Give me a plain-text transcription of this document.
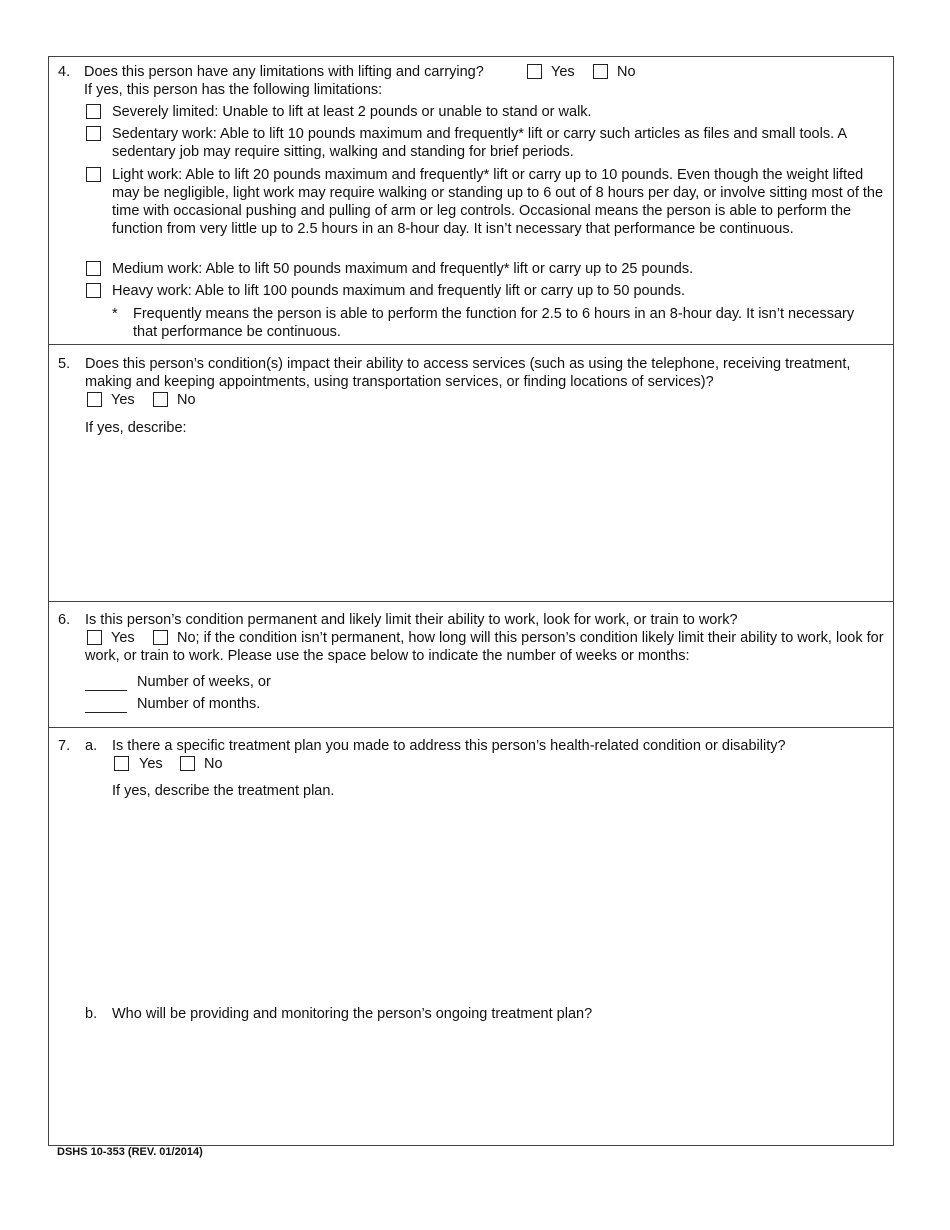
4. Does this person have any limitations with lifting and carrying?	Yes	No
If yes, this person has the following limitations:
Severely limited: Unable to lift at least 2 pounds or unable to stand or walk.
Sedentary work: Able to lift 10 pounds maximum and frequently* lift or carry such articles as files and small tools. A sedentary job may require sitting, walking and standing for brief periods.
Light work: Able to lift 20 pounds maximum and frequently* lift or carry up to 10 pounds. Even though the weight lifted may be negligible, light work may require walking or standing up to 6 out of 8 hours per day, or involve sitting most of the time with occasional pushing and pulling of arm or leg controls. Occasional means the person is able to perform the function from very little up to 2.5 hours in an 8-hour day. It isn’t necessary that performance be continuous.
Medium work: Able to lift 50 pounds maximum and frequently* lift or carry up to 25 pounds.
Heavy work: Able to lift 100 pounds maximum and frequently lift or carry up to 50 pounds.
* Frequently means the person is able to perform the function for 2.5 to 6 hours in an 8-hour day. It isn’t necessary that performance be continuous.
5. Does this person’s condition(s) impact their ability to access services (such as using the telephone, receiving treatment, making and keeping appointments, using transportation services, or finding locations of services)?
Yes	No
If yes, describe:
6. Is this person’s condition permanent and likely limit their ability to work, look for work, or train to work?
Yes	No; if the condition isn’t permanent, how long will this person’s condition likely limit their ability to work, look for work, or train to work. Please use the space below to indicate the number of weeks or months:
Number of weeks, or
Number of months.
7. a. Is there a specific treatment plan you made to address this person’s health-related condition or disability?
Yes	No
If yes, describe the treatment plan.
b. Who will be providing and monitoring the person’s ongoing treatment plan?
DSHS 10-353 (REV. 01/2014)
